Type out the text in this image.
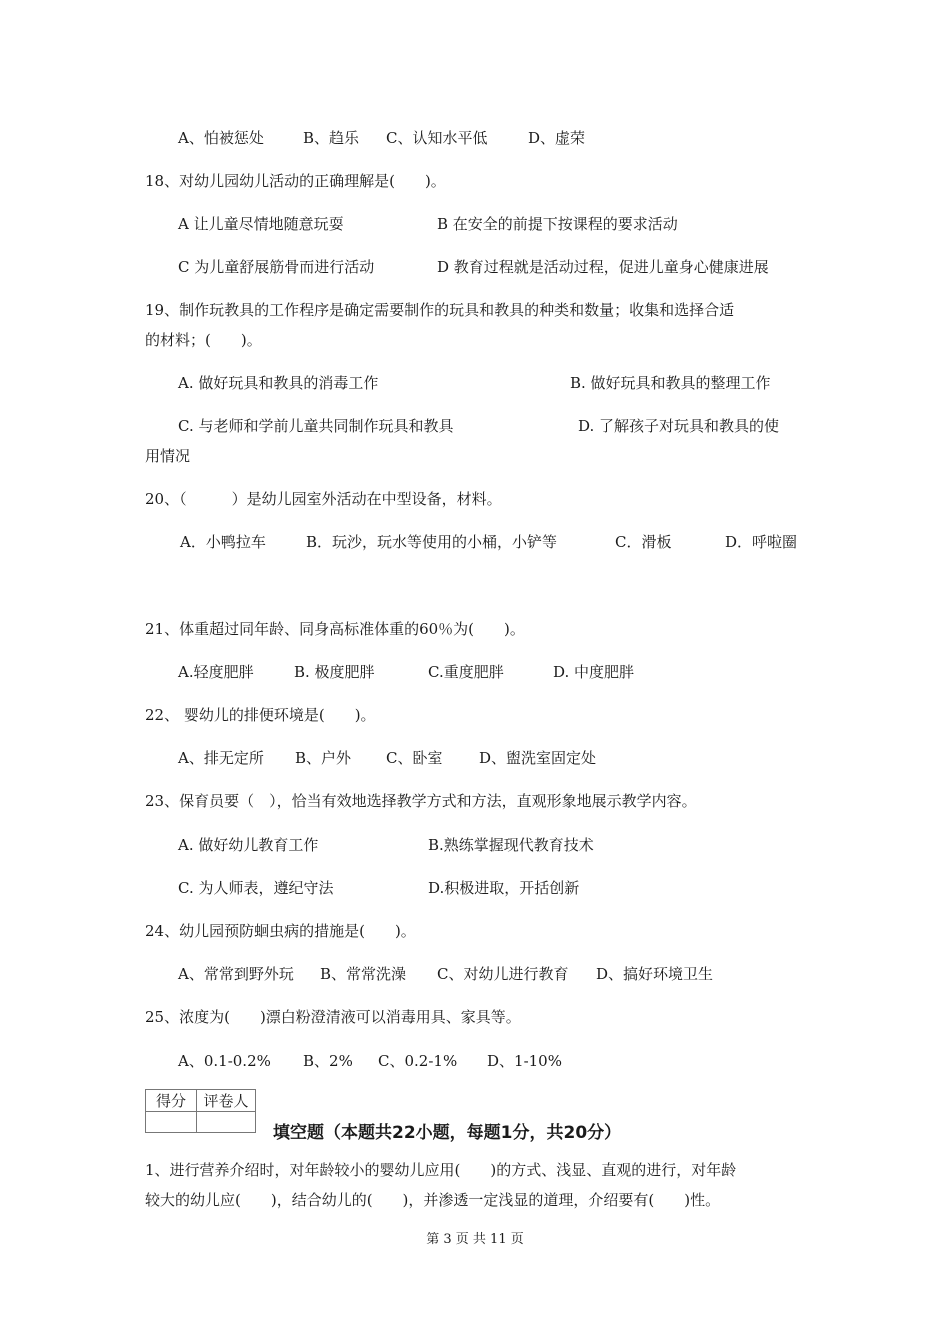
A、怕被惩处	B、趋乐 C、认知水平低	D、虚荣
18、对幼儿园幼儿活动的正确理解是(　　)。
A 让儿童尽情地随意玩耍	B 在安全的前提下按课程的要求活动
C 为儿童舒展筋骨而进行活动	D 教育过程就是活动过程，促进儿童身心健康进展
19、制作玩教具的工作程序是确定需要制作的玩具和教具的种类和数量；收集和选择合适
的材料；(　　)。
A. 做好玩具和教具的消毒工作	B. 做好玩具和教具的整理工作
C. 与老师和学前儿童共同制作玩具和教具	D. 了解孩子对玩具和教具的使
用情况
20、（　　　）是幼儿园室外活动在中型设备，材料。
A．小鸭拉车	B．玩沙，玩水等使用的小桶，小铲等	C．滑板	D．呼啦圈
21、体重超过同年龄、同身高标准体重的60％为(　　)。
A.轻度肥胖	B. 极度肥胖	C.重度肥胖	D. 中度肥胖
22、 婴幼儿的排便环境是(　　)。
A、排无定所 B、户外 C、卧室 D、盥洗室固定处
23、保育员要（　），恰当有效地选择教学方式和方法，直观形象地展示教学内容。
A. 做好幼儿教育工作	B.熟练掌握现代教育技术
C. 为人师表，遵纪守法	D.积极进取，开括创新
24、幼儿园预防蛔虫病的措施是(　　)。
A、常常到野外玩 B、常常洗澡 C、对幼儿进行教育 D、搞好环境卫生
25、浓度为(　　)漂白粉澄清液可以消毒用具、家具等。
A、0.1-0.2% B、2% C、0.2-1% D、1-10%
得分	评卷人

填空题（本题共22小题，每题1分，共20分）
1、进行营养介绍时，对年龄较小的婴幼儿应用(　　)的方式、浅显、直观的进行，对年龄
较大的幼儿应(　　)，结合幼儿的(　　)，并渗透一定浅显的道理，介绍要有(　　)性。
第 3 页 共 11 页
